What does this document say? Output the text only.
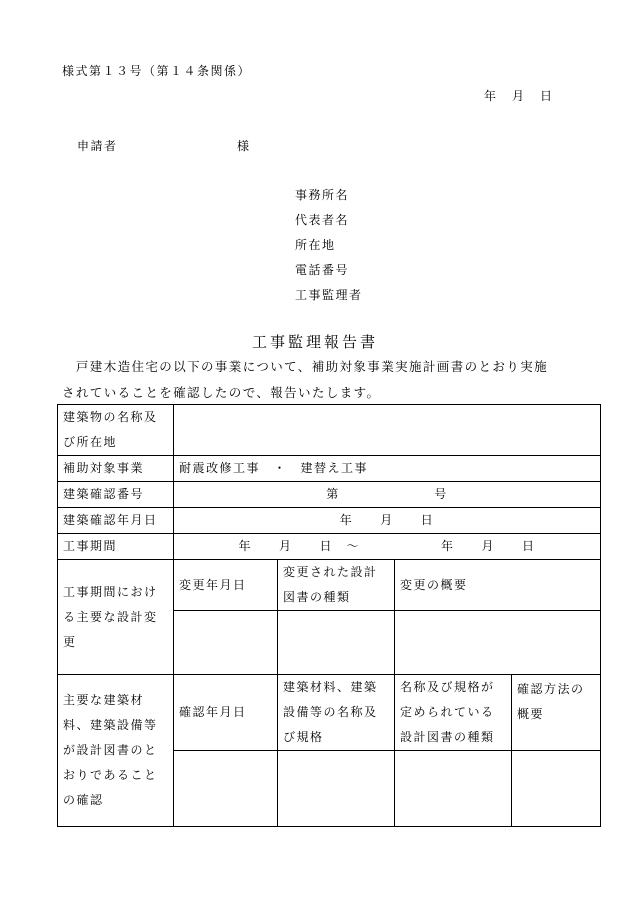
様式第１３号（第１４条関係）
年　月　日
申請者	様
事務所名
代表者名
所在地
電話番号
工事監理者
工事監理報告書
　戸建木造住宅の以下の事業について、補助対象事業実施計画書のとおり実施
されていることを確認したので、報告いたします。
建築物の名称及び所在地				
補助対象事業	耐震改修工事　・　建替え工事			
建築確認番号	第　　　　　　　号			
建築確認年月日	年　　月　　日			
工事期間	年　　月　　日　～　　　　　　年　　月　　日			
工事期間における主要な設計変更	変更年月日	変更された設計図書の種類	変更の概要	

主要な建築材料、建築設備等が設計図書のとおりであることの確認	確認年月日	建築材料、建築設備等の名称及び規格	名称及び規格が定められている設計図書の種類	確認方法の概要
